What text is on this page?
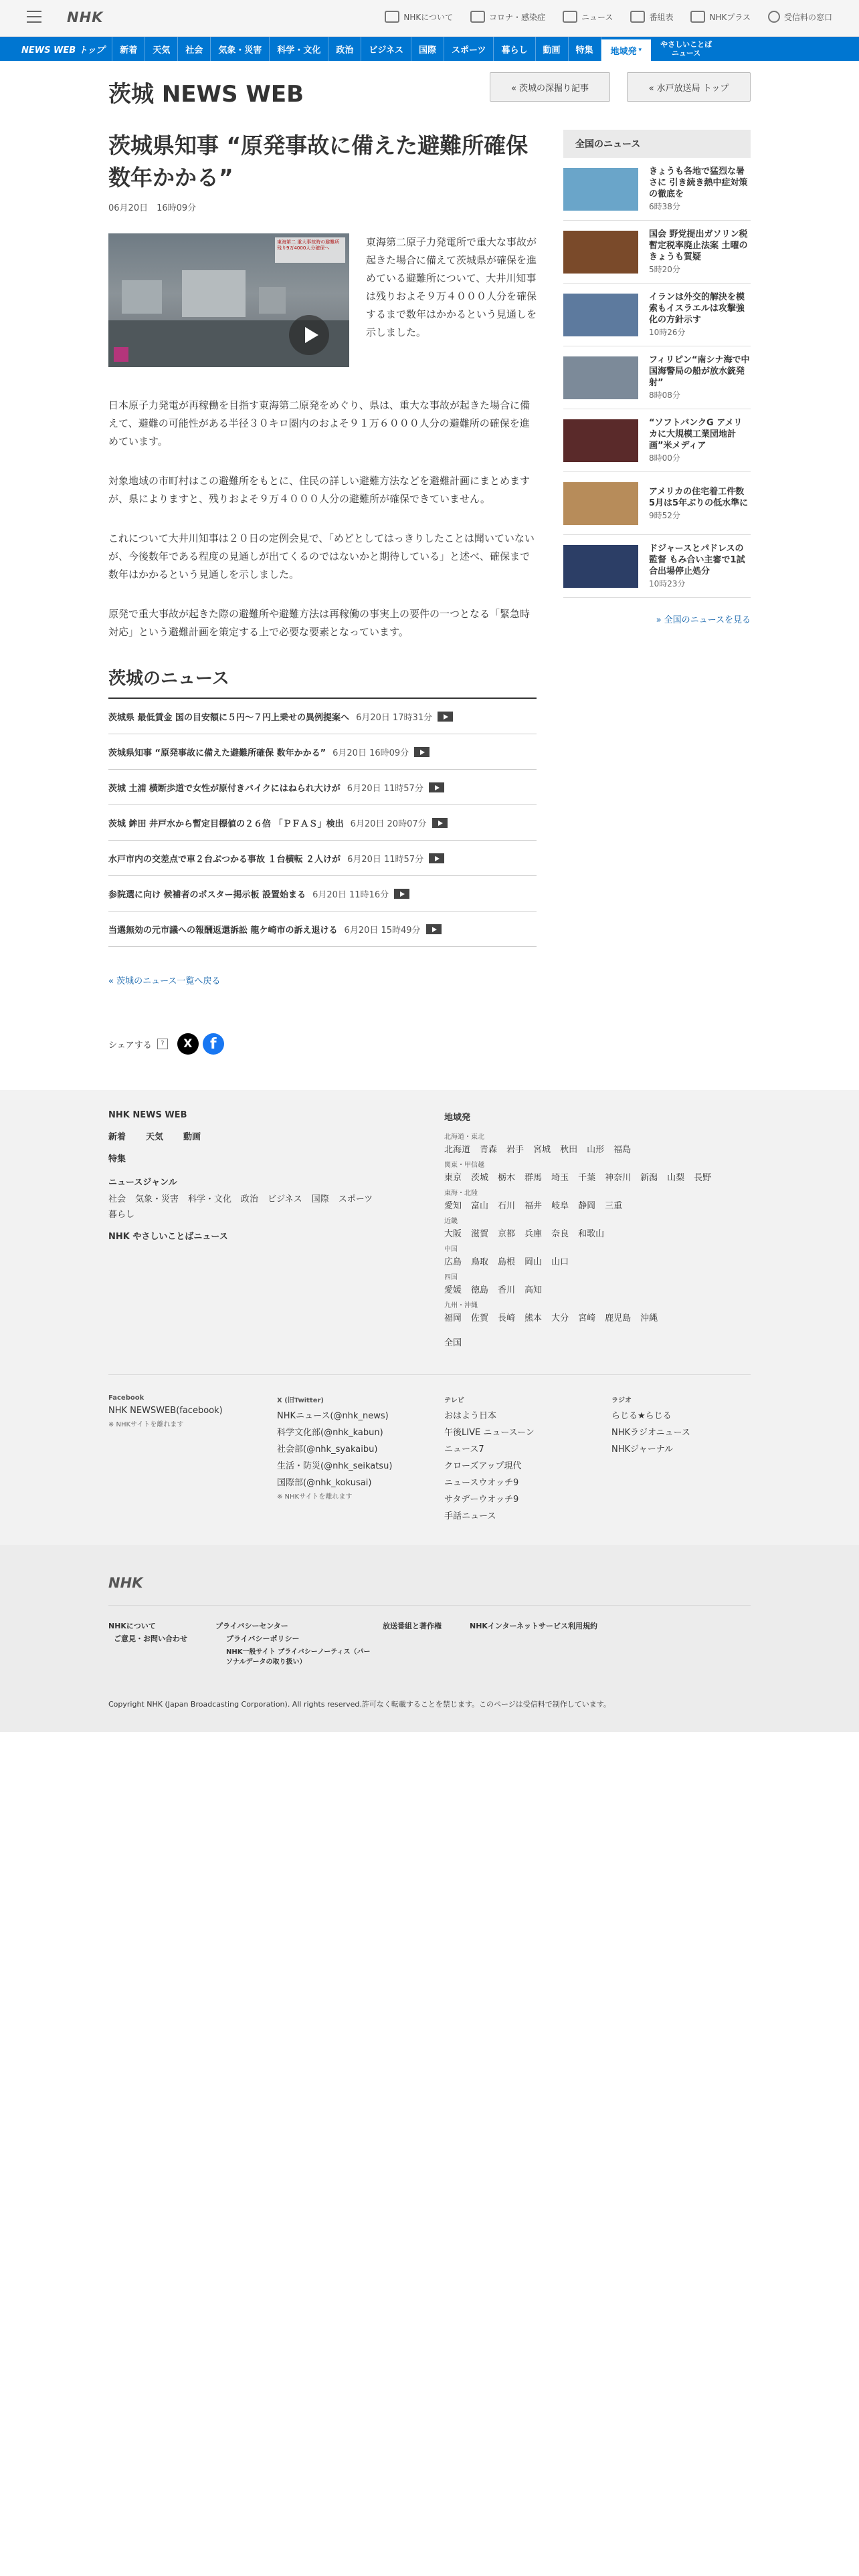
NHK	NHKについて	コロナ・感染症	ニュース	番組表	NHKプラス	受信料の窓口
NEWS WEB トップ	新着	天気	社会	気象・災害	科学・文化	政治	ビジネス	国際	スポーツ	暮らし	動画	特集	地域発 ▾
やさしいことば
ニュース
茨城 NEWS WEB	« 茨城の深掘り記事	« 水戸放送局 トップ
茨城県知事 “原発事故に備えた避難所確保数年かかる”
06月20日　16時09分
東海第二 重大事故時の避難所 残り9万4000人分確保へ	東海第二原子力発電所で重大な事故が起きた場合に備えて茨城県が確保を進めている避難所について、大井川知事は残りおよそ９万４０００人分を確保するまで数年はかかるという見通しを示しました。

日本原子力発電が再稼働を目指す東海第二原発をめぐり、県は、重大な事故が起きた場合に備えて、避難の可能性がある半径３０キロ圏内のおよそ９１万６０００人分の避難所の確保を進めています。

対象地域の市町村はこの避難所をもとに、住民の詳しい避難方法などを避難計画にまとめますが、県によりますと、残りおよそ９万４０００人分の避難所が確保できていません。

これについて大井川知事は２０日の定例会見で、「めどとしてはっきりしたことは聞いていないが、今後数年である程度の見通しが出てくるのではないかと期待している」と述べ、確保まで数年はかかるという見通しを示しました。

原発で重大事故が起きた際の避難所や避難方法は再稼働の事実上の要件の一つとなる「緊急時対応」という避難計画を策定する上で必要な要素となっています。

茨城のニュース
茨城県 最低賃金 国の目安額に５円〜７円上乗せの異例提案へ 6月20日 17時31分
茨城県知事 “原発事故に備えた避難所確保 数年かかる” 6月20日 16時09分
茨城 土浦 横断歩道で女性が原付きバイクにはねられ大けが 6月20日 11時57分
茨城 鉾田 井戸水から暫定目標値の２６倍 「ＰＦＡＳ」検出 6月20日 20時07分
水戸市内の交差点で車２台ぶつかる事故 １台横転 ２人けが 6月20日 11時57分
参院選に向け 候補者のポスター掲示板 設置始まる 6月20日 11時16分
当選無効の元市議への報酬返還訴訟 龍ケ崎市の訴え退ける 6月20日 15時49分
« 茨城のニュース一覧へ戻る
シェアする	?	X	f
全国のニュース
きょうも各地で猛烈な暑さに 引き続き熱中症対策の徹底を
6時38分
国会 野党提出ガソリン税暫定税率廃止法案 土曜のきょうも質疑
5時20分
イランは外交的解決を模索もイスラエルは攻撃強化の方針示す
10時26分
フィリピン“南シナ海で中国海警局の船が放水銃発射”
8時08分
“ソフトバンクG アメリカに大規模工業団地計画”米メディア
8時00分
アメリカの住宅着工件数 5月は5年ぶりの低水準に
9時52分
ドジャースとパドレスの監督 もみ合い主審で1試合出場停止処分
10時23分
» 全国のニュースを見る
NHK NEWS WEB
新着 天気 動画
特集
ニュースジャンル
社会 気象・災害 科学・文化 政治 ビジネス 国際 スポーツ
暮らし
NHK やさしいことばニュース
地域発
北海道・東北
北海道 青森 岩手 宮城 秋田 山形 福島
関東・甲信越
東京 茨城 栃木 群馬 埼玉 千葉 神奈川 新潟 山梨 長野
東海・北陸
愛知 富山 石川 福井 岐阜 静岡 三重
近畿
大阪 滋賀 京都 兵庫 奈良 和歌山
中国
広島 鳥取 島根 岡山 山口
四国
愛媛 徳島 香川 高知
九州・沖縄
福岡 佐賀 長崎 熊本 大分 宮崎 鹿児島 沖縄
全国
Facebook
NHK NEWSWEB(facebook)
※ NHKサイトを離れます
X (旧Twitter)
NHKニュース(@nhk_news)
科学文化部(@nhk_kabun)
社会部(@nhk_syakaibu)
生活・防災(@nhk_seikatsu)
国際部(@nhk_kokusai)
※ NHKサイトを離れます
テレビ
おはよう日本
午後LIVE ニュースーン
ニュース7
クローズアップ現代
ニュースウオッチ9
サタデーウオッチ9
手話ニュース
ラジオ
らじる★らじる
NHKラジオニュース
NHKジャーナル
NHK
NHKについて
ご意見・お問い合わせ
プライバシーセンター
プライバシーポリシー
NHK一般サイト プライバシーノーティス（パーソナルデータの取り扱い）
放送番組と著作権	NHKインターネットサービス利用規約
Copyright NHK (Japan Broadcasting Corporation). All rights reserved.許可なく転載することを禁じます。このページは受信料で制作しています。
